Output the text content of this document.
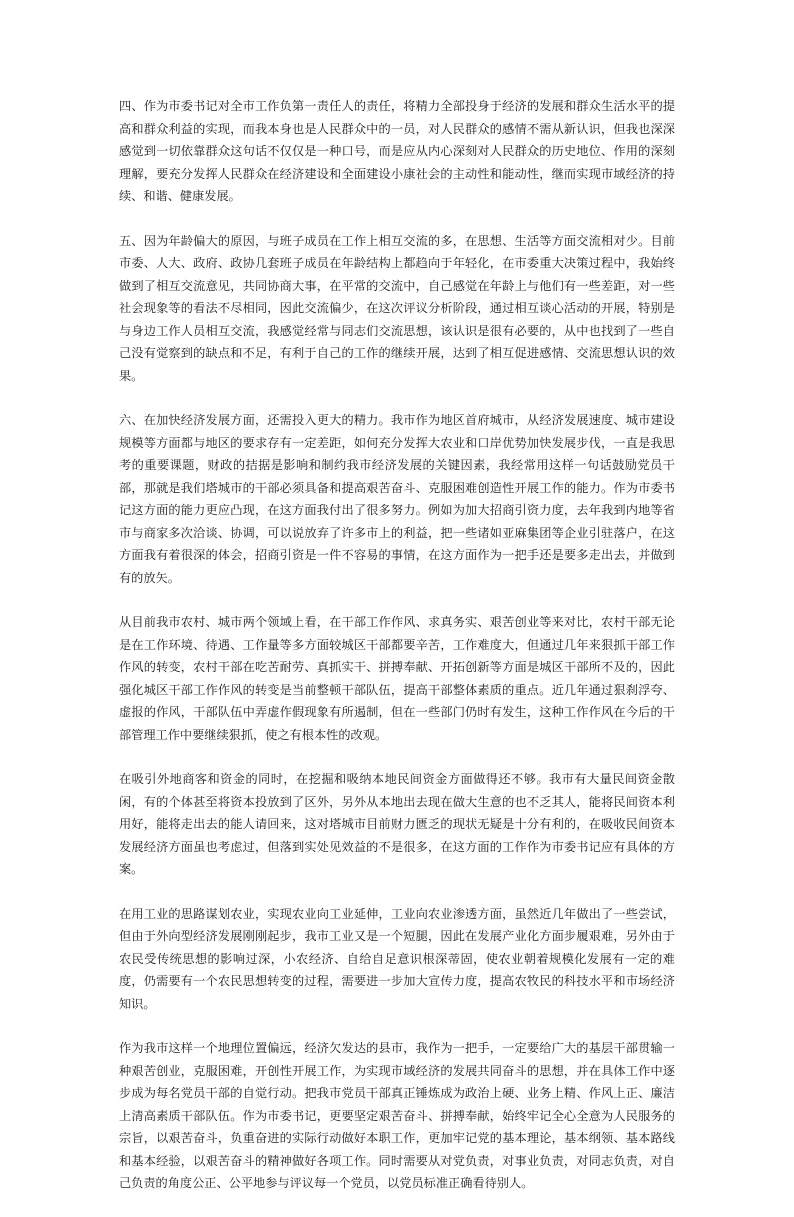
四、作为市委书记对全市工作负第一责任人的责任，将精力全部投身于经济的发展和群众生活水平的提高和群众利益的实现，而我本身也是人民群众中的一员，对人民群众的感情不需从新认识，但我也深深感觉到一切依靠群众这句话不仅仅是一种口号，而是应从内心深刻对人民群众的历史地位、作用的深刻理解，要充分发挥人民群众在经济建设和全面建设小康社会的主动性和能动性，继而实现市域经济的持续、和谐、健康发展。

五、因为年龄偏大的原因，与班子成员在工作上相互交流的多，在思想、生活等方面交流相对少。目前市委、人大、政府、政协几套班子成员在年龄结构上都趋向于年轻化，在市委重大决策过程中，我始终做到了相互交流意见，共同协商大事，在平常的交流中，自己感觉在年龄上与他们有一些差距，对一些社会现象等的看法不尽相同，因此交流偏少，在这次评议分析阶段，通过相互谈心活动的开展，特别是与身边工作人员相互交流，我感觉经常与同志们交流思想，该认识是很有必要的，从中也找到了一些自己没有觉察到的缺点和不足，有利于自己的工作的继续开展，达到了相互促进感情、交流思想认识的效果。

六、在加快经济发展方面，还需投入更大的精力。我市作为地区首府城市，从经济发展速度、城市建设规模等方面都与地区的要求存有一定差距，如何充分发挥大农业和口岸优势加快发展步伐，一直是我思考的重要课题，财政的拮据是影响和制约我市经济发展的关键因素，我经常用这样一句话鼓励党员干部，那就是我们塔城市的干部必须具备和提高艰苦奋斗、克服困难创造性开展工作的能力。作为市委书记这方面的能力更应凸现，在这方面我付出了很多努力。例如为加大招商引资力度，去年我到内地等省市与商家多次洽谈、协调，可以说放弃了许多市上的利益，把一些诸如亚麻集团等企业引驻落户，在这方面我有着很深的体会，招商引资是一件不容易的事情，在这方面作为一把手还是要多走出去，并做到有的放矢。

从目前我市农村、城市两个领域上看，在干部工作作风、求真务实、艰苦创业等来对比，农村干部无论是在工作环境、待遇、工作量等多方面较城区干部都要辛苦，工作难度大，但通过几年来狠抓干部工作作风的转变，农村干部在吃苦耐劳、真抓实干、拼搏奉献、开拓创新等方面是城区干部所不及的，因此强化城区干部工作作风的转变是当前整顿干部队伍，提高干部整体素质的重点。近几年通过狠刹浮夸、虚报的作风，干部队伍中弄虚作假现象有所遏制，但在一些部门仍时有发生，这种工作作风在今后的干部管理工作中要继续狠抓，使之有根本性的改观。

在吸引外地商客和资金的同时，在挖掘和吸纳本地民间资金方面做得还不够。我市有大量民间资金散闲，有的个体甚至将资本投放到了区外，另外从本地出去现在做大生意的也不乏其人，能将民间资本利用好，能将走出去的能人请回来，这对塔城市目前财力匮乏的现状无疑是十分有利的，在吸收民间资本发展经济方面虽也考虑过，但落到实处见效益的不是很多，在这方面的工作作为市委书记应有具体的方案。

在用工业的思路谋划农业，实现农业向工业延伸，工业向农业渗透方面，虽然近几年做出了一些尝试，但由于外向型经济发展刚刚起步，我市工业又是一个短腿，因此在发展产业化方面步履艰难，另外由于农民受传统思想的影响过深，小农经济、自给自足意识根深蒂固，使农业朝着规模化发展有一定的难度，仍需要有一个农民思想转变的过程，需要进一步加大宣传力度，提高农牧民的科技水平和市场经济知识。

作为我市这样一个地理位置偏远，经济欠发达的县市，我作为一把手，一定要给广大的基层干部贯输一种艰苦创业，克服困难，开创性开展工作，为实现市域经济的发展共同奋斗的思想，并在具体工作中逐步成为每名党员干部的自觉行动。把我市党员干部真正锤炼成为政治上硬、业务上精、作风上正、廉洁上清高素质干部队伍。作为市委书记，更要坚定艰苦奋斗、拼搏奉献，始终牢记全心全意为人民服务的宗旨，以艰苦奋斗，负重奋进的实际行动做好本职工作，更加牢记党的基本理论，基本纲领、基本路线和基本经验，以艰苦奋斗的精神做好各项工作。同时需要从对党负责，对事业负责，对同志负责，对自己负责的角度公正、公平地参与评议每一个党员，以党员标准正确看待别人。
